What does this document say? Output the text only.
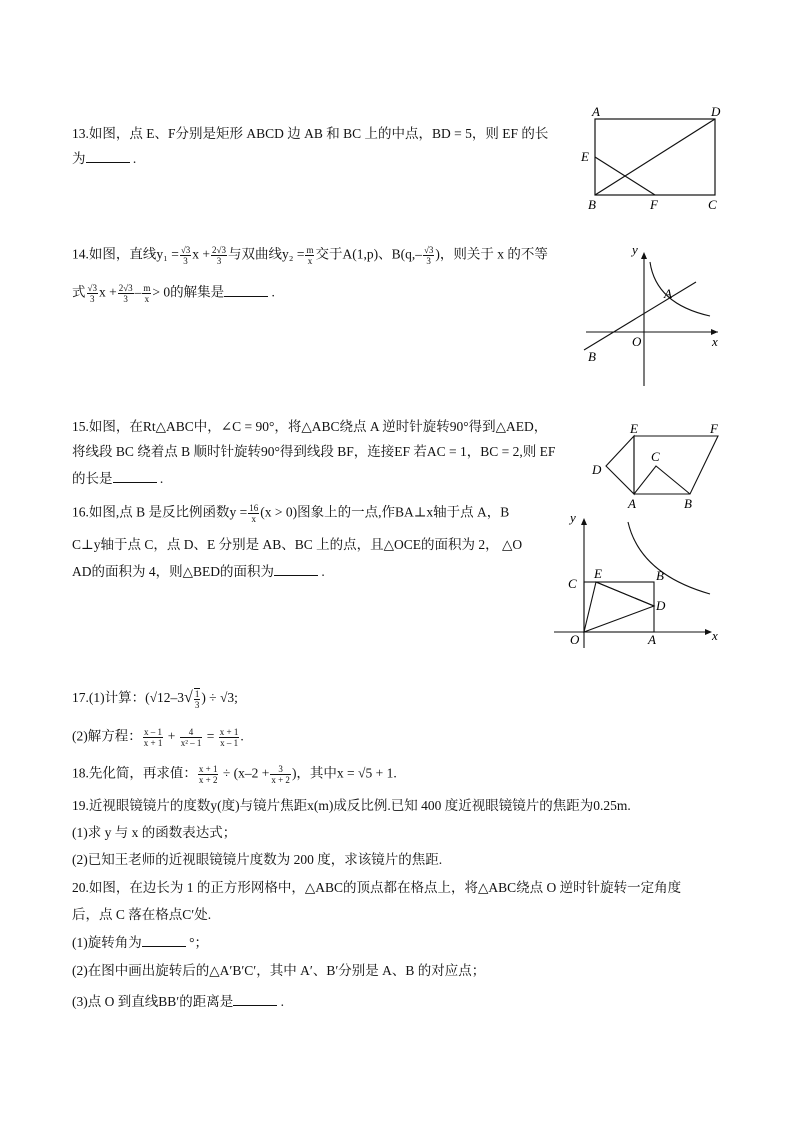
13.如图，点 E、F分别是矩形 ABCD 边 AB 和 BC 上的中点，BD = 5，则 EF 的长
为	.
A	D
E
B	F	C
14.如图，直线$y_1 = \frac{√3}{3}$ $x + \frac{2√3}{3}$ 与双曲线$y_2 = \frac{m}{x}$ 交于A(1,p)、$B(q,- \frac{√3}{3}$ )，则关于 x 的不等
式 $\frac{√3}{3}$ $x + \frac{2√3}{3} - \frac{m}{x} > 0$的解集是	.
y
x
O
A
B
15.如图，在Rt△ABC中，∠C = 90°，将△ABC绕点 A 逆时针旋转90°得到△AED，
将线段 BC 绕着点 B 顺时针旋转90°得到线段 BF，连接EF 若AC = 1，BC = 2,则 EF
的长是	.
E	F
D
C
A	B
16.如图,点 B 是反比例函数$y = \frac{16}{x} (x > 0)$图象上的一点,作BA⊥x轴于点 A，B
C⊥y轴于点 C，点 D、E 分别是 AB、BC 上的点，且△OCE的面积为 2， △O
AD的面积为 4，则△BED的面积为	.
y
x
O	A
B
C
D
E
17.(1)计算：($√12-3√ \frac{1}{3}$ ) ÷ √3;
(2)解方程： $\frac{x - 1}{x + 1} + \frac{4}{\text{x² – 1}} = \frac{x + 1}{x - 1}$ .
18.先化简，再求值： $\frac{x + 1}{x + 2} \div (x-2 + \frac{3}{x + 2}$ )，其中x = √5 + 1.
19.近视眼镜镜片的度数y(度)与镜片焦距x(m)成反比例.已知 400 度近视眼镜镜片的焦距为0.25m.
(1)求 y 与 x 的函数表达式；
(2)已知王老师的近视眼镜镜片度数为 200 度，求该镜片的焦距.
20.如图，在边长为 1 的正方形网格中，△ABC的顶点都在格点上，将△ABC绕点 O 逆时针旋转一定角度
后，点 C 落在格点C′处.
(1)旋转角为	°；
(2)在图中画出旋转后的△A′B′C′，其中 A′、B′分别是 A、B 的对应点；
(3)点 O 到直线BB′的距离是	.
